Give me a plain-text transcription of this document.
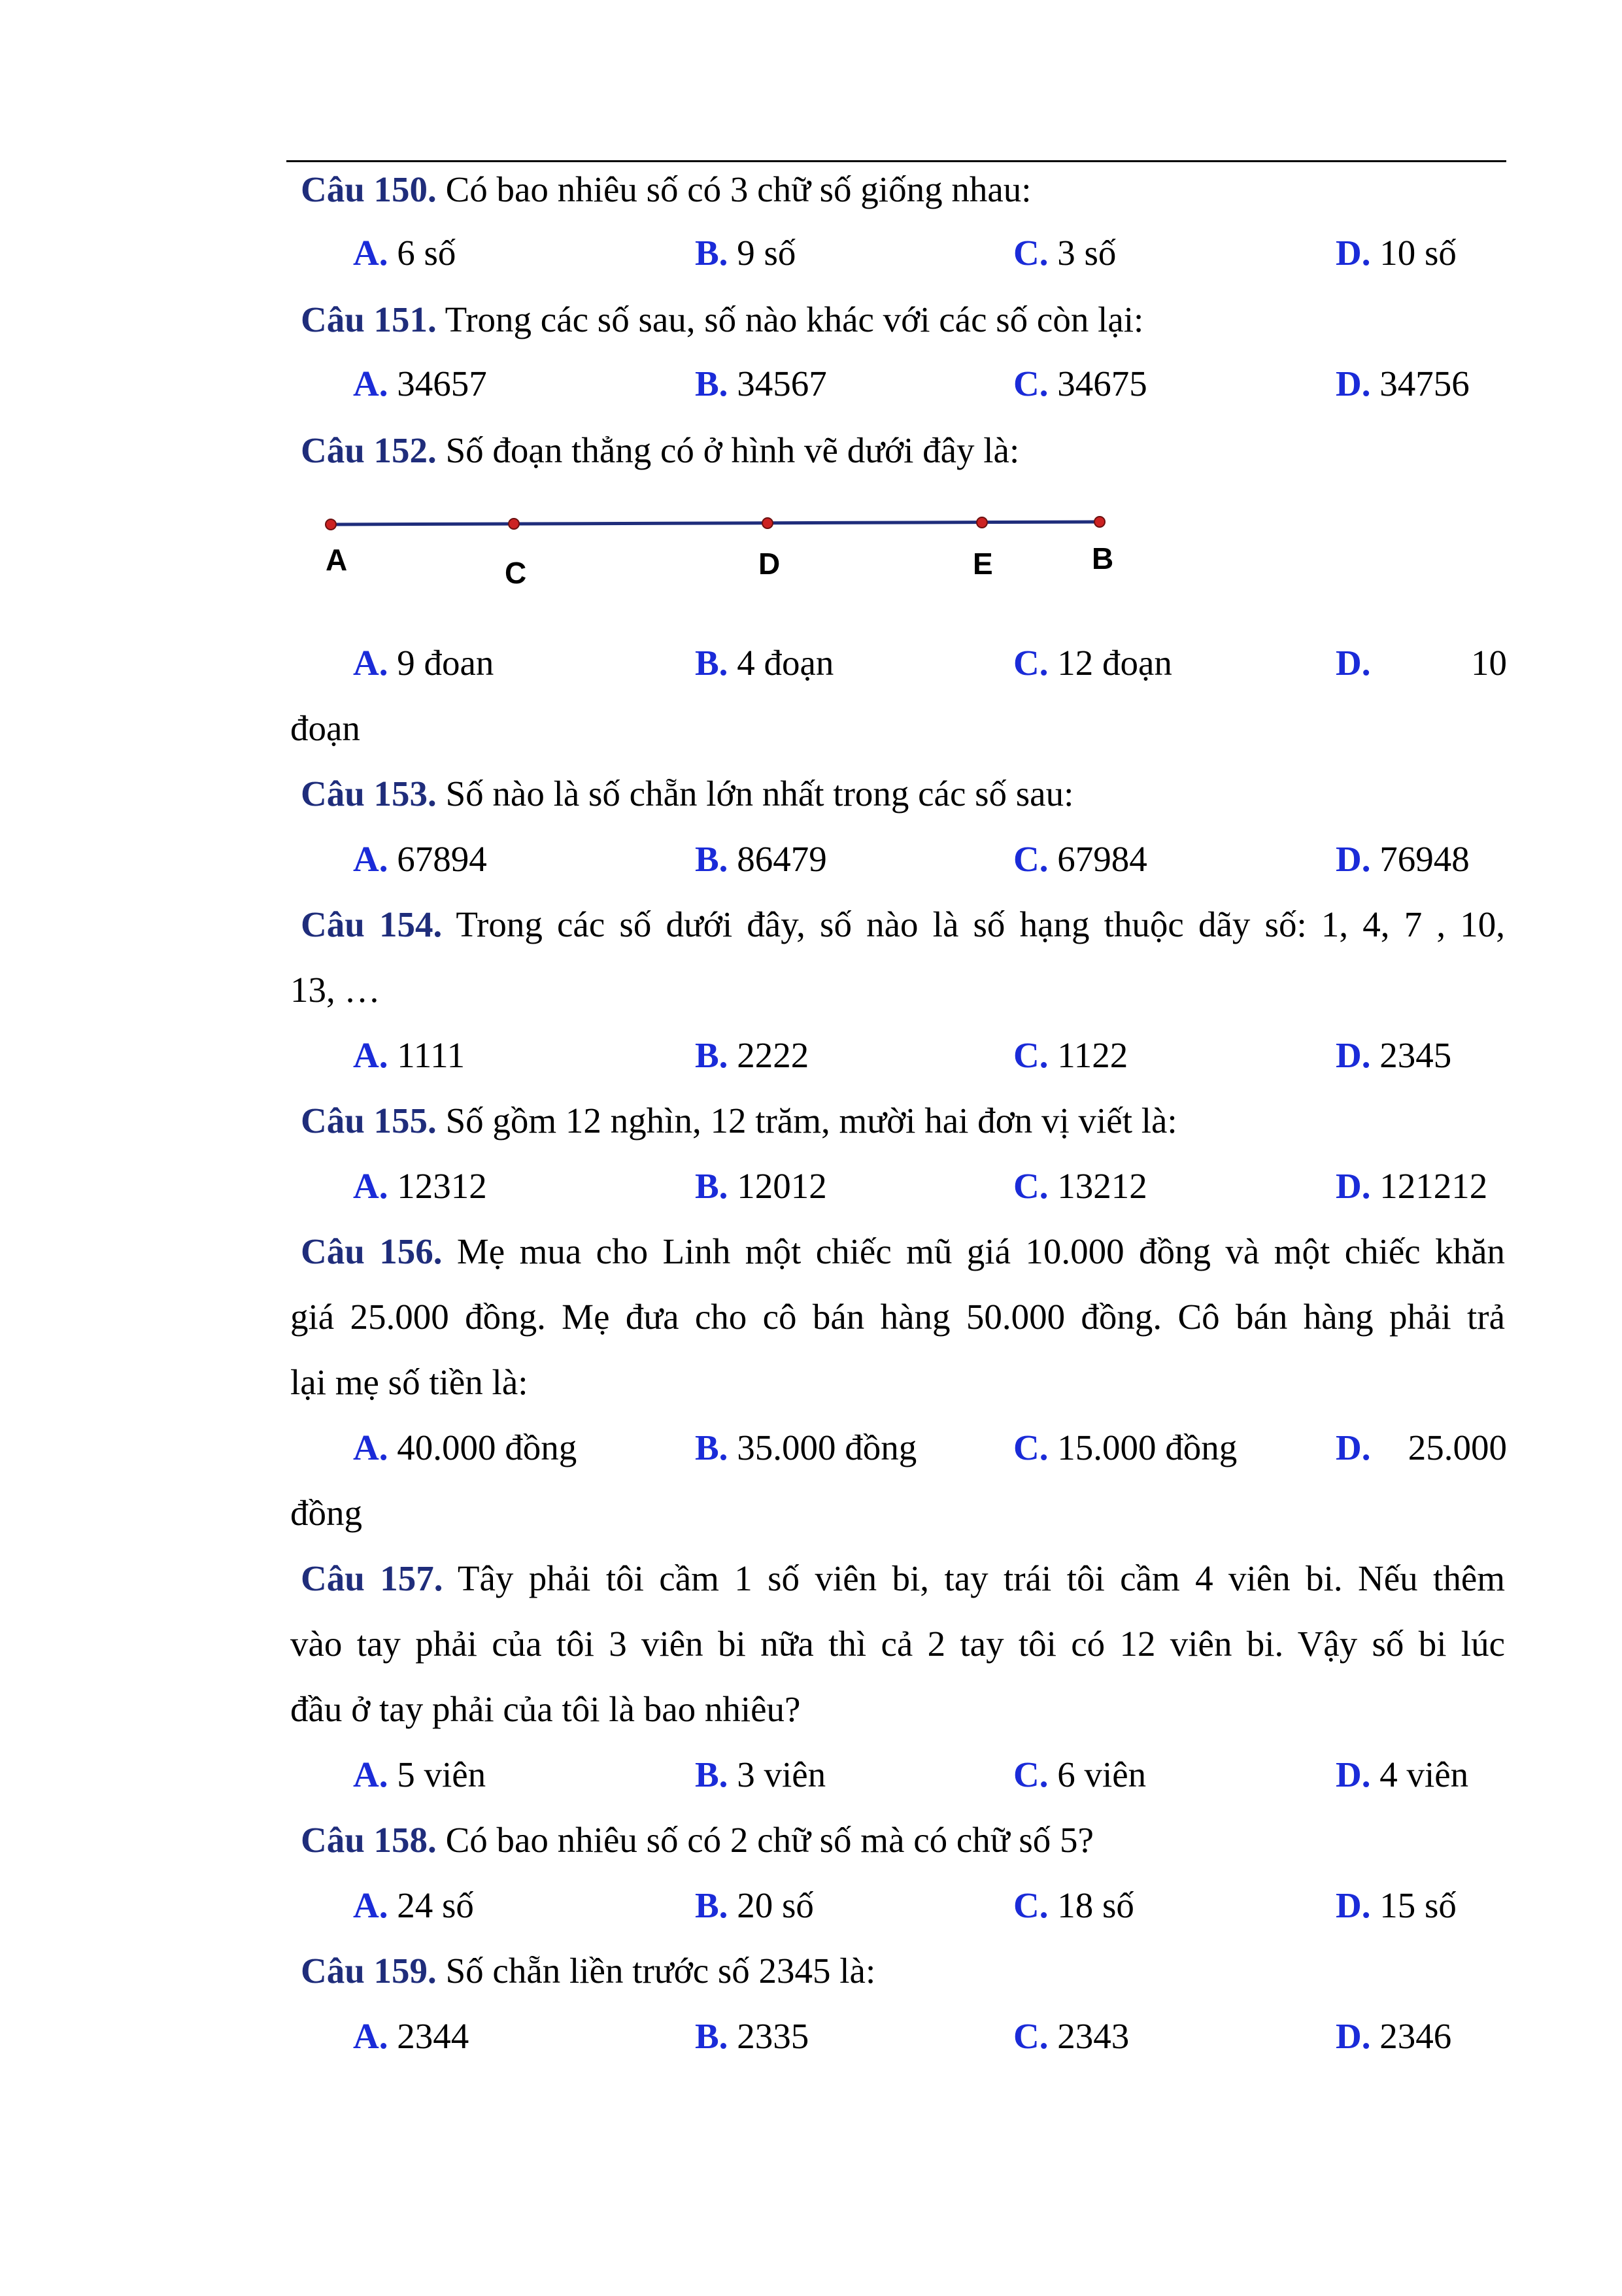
Câu 150. Có bao nhiêu số có 3 chữ số giống nhau:
A. 6 số	B. 9 số	C. 3 số	D. 10 số
Câu 151. Trong các số sau, số nào khác với các số còn lại:
A. 34657	B. 34567	C. 34675	D. 34756
Câu 152. Số đoạn thẳng có ở hình vẽ dưới đây là:
A	C	D	E	B
A. 9 đoan	B. 4 đoạn	C. 12 đoạn	D.	10
đoạn
Câu 153. Số nào là số chẵn lớn nhất trong các số sau:
A. 67894	B. 86479	C. 67984	D. 76948
Câu 154. Trong các số dưới đây, số nào là số hạng thuộc dãy số: 1, 4, 7 , 10,
13, …
A. 1111	B. 2222	C. 1122	D. 2345
Câu 155. Số gồm 12 nghìn, 12 trăm, mười hai đơn vị viết là:
A. 12312	B. 12012	C. 13212	D. 121212
Câu 156. Mẹ mua cho Linh một chiếc mũ giá 10.000 đồng và một chiếc khăn
giá 25.000 đồng. Mẹ đưa cho cô bán hàng 50.000 đồng. Cô bán hàng phải trả
lại mẹ số tiền là:
A. 40.000 đồng	B. 35.000 đồng	C. 15.000 đồng	D. 25.000
đồng
Câu 157. Tây phải tôi cầm 1 số viên bi, tay trái tôi cầm 4 viên bi. Nếu thêm
vào tay phải của tôi 3 viên bi nữa thì cả 2 tay tôi có 12 viên bi. Vậy số bi lúc
đầu ở tay phải của tôi là bao nhiêu?
A. 5 viên	B. 3 viên	C. 6 viên	D. 4 viên
Câu 158. Có bao nhiêu số có 2 chữ số mà có chữ số 5?
A. 24 số	B. 20 số	C. 18 số	D. 15 số
Câu 159. Số chẵn liền trước số 2345 là:
A. 2344	B. 2335	C. 2343	D. 2346
